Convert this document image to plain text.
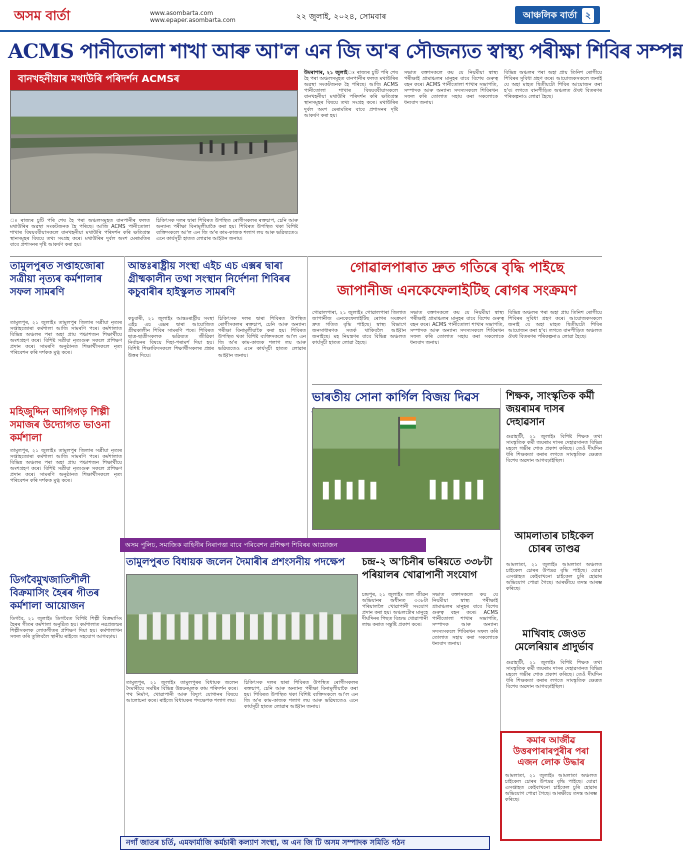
অসম বাৰ্তা	www.asombarta.com
www.epaper.asombarta.com	২২ জুলাই, ২০২৪, সোমবাৰ	আঞ্চলিক বাৰ্তা ২
ACMS পানীতোলা শাখা আৰু আ'ল এন জি অ'ৰ সৌজন্যত স্বাস্থ্য পৰীক্ষা শিবিৰ সম্পন্ন
বানখহনীয়াৰ মথাউৰি পৰিদৰ্শন ACMSৰ
উমৰাপাৰ, ২১ জুলাইঃ ৰাজ্যৰ চুটি পৰি শেষ হৈ পৰা অঞ্চলসমূহত বানপানীৰ ফলত মথাউৰিৰ অৱস্থা সংকটজনক হৈ পৰিছে। আজি ACMS পানীতোলা শাখাৰ বিষয়ববীয়াসকলে বানখহনীয়া মথাউৰি পৰিদৰ্শন কৰি ক্ষতিগ্ৰস্ত স্থানসমূহৰ বিষয়ে তথ্য সংগ্ৰহ কৰে। মথাউৰিৰ দুৰ্বল অংশ মেৰামতিৰ বাবে প্ৰশাসনৰ দৃষ্টি আকৰ্ষণ কৰা হয়।
সভাত বক্তাসকলে কয় যে নিয়মীয়া স্বাস্থ্য পৰীক্ষাই গ্ৰামাঞ্চলৰ মানুহৰ বাবে বিশেষ গুৰুত্ব বহন কৰে। ACMS পানীতোলা শাখাৰ সভাপতি, সম্পাদক আৰু অন্যান্য সদস্যসকলে শিবিৰখন সফল কৰি তোলাত সহায় কৰা সকলোকে ধন্যবাদ জনায়।
বিভিন্ন অঞ্চলৰ পৰা অহা প্ৰায় তিনিশ ৰোগীয়ে শিবিৰৰ সুবিধা গ্ৰহণ কৰে। আয়োজকসকলে জনাই যে অহা মাহত দ্বিতীয়টো শিবিৰ আয়োজন কৰা হ'ব। লগতে বানপীড়িত অঞ্চলত ঔষধ বিতৰণৰ পৰিকল্পনাও লোৱা হৈছে।
ঃ ৰাজ্যৰ চুটি পৰি শেষ হৈ পৰা অঞ্চলসমূহত বানপানীৰ ফলত মথাউৰিৰ অৱস্থা সংকটজনক হৈ পৰিছে। আজি ACMS পানীতোলা শাখাৰ বিষয়ববীয়াসকলে বানখহনীয়া মথাউৰি পৰিদৰ্শন কৰি ক্ষতিগ্ৰস্ত স্থানসমূহৰ বিষয়ে তথ্য সংগ্ৰহ কৰে। মথাউৰিৰ দুৰ্বল অংশ মেৰামতিৰ বাবে প্ৰশাসনৰ দৃষ্টি আকৰ্ষণ কৰা হয়।
চিকিৎসক দলৰ দ্বাৰা শিবিৰত উপস্থিত ৰোগীসকলৰ ৰক্তচাপ, চেনি আৰু অন্যান্য পৰীক্ষা বিনামূলীয়াকৈ কৰা হয়। শিবিৰত উপস্থিত থকা বিশিষ্ট ব্যক্তিসকলে আ'ল এন জি অ'ৰ কাম-কাজক শলাগ লয় আৰু ভৱিষ্যতেও এনে কাৰ্যসূচী হাতত লোৱাৰ আহ্বান জনায়।
তামুলপুৰত সপ্তাহজোৰা সত্ৰীয়া নৃত্যৰ কৰ্মশালাৰ সফল সামৰণি
তামুলপুৰ, ২১ জুলাইঃ তামুলপুৰ জিলাৰ সত্ৰীয়া নৃত্যৰ সপ্তাহজোৰা কৰ্মশালা আজি সামৰণি পৰে। কৰ্মশালাত বিভিন্ন অঞ্চলৰ পৰা অহা প্ৰায় পঞ্চাশজন শিক্ষাৰ্থীয়ে অংশগ্ৰহণ কৰে। বিশিষ্ট সত্ৰীয়া নৃত্যগুৰু সকলে প্ৰশিক্ষণ প্ৰদান কৰে। সামৰণি অনুষ্ঠানত শিক্ষাৰ্থীসকলে নৃত্য পৰিবেশন কৰি দৰ্শকক মুগ্ধ কৰে।
আন্তঃৰাষ্ট্ৰীয় সংস্থা এইচ এচ এক্সৰ দ্বাৰা গ্ৰীষ্মকালীন তথা সংস্থান নিৰ্দেশনা শিবিৰৰ কচুবাৰীৰ হাইস্কুলত সামৰণি
কচুবাৰী, ২১ জুলাইঃ আন্তঃৰাষ্ট্ৰীয় সংস্থা এইচ এচ এক্সৰ দ্বাৰা আয়োজিত গ্ৰীষ্মকালীন শিবিৰ সামৰণি পৰে। শিবিৰত ছাত্ৰ-ছাত্ৰীসকলক ভৱিষ্যত জীৱিকা নিৰ্বাচনৰ বিষয়ে দিহা-পৰামৰ্শ দিয়া হয়। বিশিষ্ট শিক্ষাবিদসকলে শিক্ষাৰ্থীসকলৰ প্ৰশ্নৰ উত্তৰ দিয়ে।
চিকিৎসক দলৰ দ্বাৰা শিবিৰত উপস্থিত ৰোগীসকলৰ ৰক্তচাপ, চেনি আৰু অন্যান্য পৰীক্ষা বিনামূলীয়াকৈ কৰা হয়। শিবিৰত উপস্থিত থকা বিশিষ্ট ব্যক্তিসকলে আ'ল এন জি অ'ৰ কাম-কাজক শলাগ লয় আৰু ভৱিষ্যতেও এনে কাৰ্যসূচী হাতত লোৱাৰ আহ্বান জনায়।
গোৱালপাৰাত দ্ৰুত গতিৰে বৃদ্ধি পাইছে
জাপানীজ এনকেফেলাইটিছ ৰোগৰ সংক্ৰমণ
গোৱালপাৰা, ২১ জুলাইঃ গোৱালপাৰা জিলাত জাপানীজ এনকেফেলাইটিছ ৰোগৰ সংক্ৰমণ দ্ৰুত গতিত বৃদ্ধি পাইছে। স্বাস্থ্য বিভাগে জনসাধাৰণক সতৰ্ক থাকিবলৈ আহ্বান জনাইছে। মহ নিয়ন্ত্ৰণৰ বাবে বিভিন্ন অঞ্চলত কাৰ্যসূচী হাতত লোৱা হৈছে।
সভাত বক্তাসকলে কয় যে নিয়মীয়া স্বাস্থ্য পৰীক্ষাই গ্ৰামাঞ্চলৰ মানুহৰ বাবে বিশেষ গুৰুত্ব বহন কৰে। ACMS পানীতোলা শাখাৰ সভাপতি, সম্পাদক আৰু অন্যান্য সদস্যসকলে শিবিৰখন সফল কৰি তোলাত সহায় কৰা সকলোকে ধন্যবাদ জনায়।
বিভিন্ন অঞ্চলৰ পৰা অহা প্ৰায় তিনিশ ৰোগীয়ে শিবিৰৰ সুবিধা গ্ৰহণ কৰে। আয়োজকসকলে জনাই যে অহা মাহত দ্বিতীয়টো শিবিৰ আয়োজন কৰা হ'ব। লগতে বানপীড়িত অঞ্চলত ঔষধ বিতৰণৰ পৰিকল্পনাও লোৱা হৈছে।
ভাৰতীয় সোনা কাৰ্গিল বিজয় দিৱস	শিক্ষক, সাংস্কৃতিক কৰ্মী জয়ৰামৰ দাসৰ দেহাৱসান
গুৱাহাটী, ২১ জুলাইঃ বিশিষ্ট শিক্ষক তথা সাংস্কৃতিক কৰ্মী জয়ৰাম দাসৰ দেহাৱসানত বিভিন্ন মহলে গভীৰ শোক প্ৰকাশ কৰিছে। তেওঁ দীৰ্ঘদিন ধৰি শিক্ষকতা কৰাৰ লগতে সাংস্কৃতিক ক্ষেত্ৰত বিশেষ অৱদান আগবঢ়াইছিল।
মহিজুদ্দিন আগিগড় শিল্পী সমাজৰ উদ্যোগত ভাওনা কৰ্মশালা
তামুলপুৰ, ২১ জুলাইঃ তামুলপুৰ জিলাৰ সত্ৰীয়া নৃত্যৰ সপ্তাহজোৰা কৰ্মশালা আজি সামৰণি পৰে। কৰ্মশালাত বিভিন্ন অঞ্চলৰ পৰা অহা প্ৰায় পঞ্চাশজন শিক্ষাৰ্থীয়ে অংশগ্ৰহণ কৰে। বিশিষ্ট সত্ৰীয়া নৃত্যগুৰু সকলে প্ৰশিক্ষণ প্ৰদান কৰে। সামৰণি অনুষ্ঠানত শিক্ষাৰ্থীসকলে নৃত্য পৰিবেশন কৰি দৰ্শকক মুগ্ধ কৰে।
ডিগবৈমুখজাতিশীলী বিক্ৰমাসিং হৈৰৰ গীতৰ কৰ্মশালা আয়োজন
ডিগবৈ, ২১ জুলাইঃ ডিগবৈত বিশিষ্ট শিল্পী বিক্ৰমাসিং হৈৰৰ গীতৰ কৰ্মশালা অনুষ্ঠিত হয়। কৰ্মশালাত নৱপ্ৰজন্মৰ শিল্পীসকলক লোকগীতৰ প্ৰশিক্ষণ দিয়া হয়। কৰ্মশালাখন সফল কৰি তুলিবলৈ স্থানীয় ৰাইজে সহযোগ আগবঢ়ায়।
অসম পুলিচ, সমাজিক বাহিনীৰ নিৰাপত্তা বাবে পৰিবেশন প্ৰশিক্ষণ শিবিৰৰ আয়োজন
তামুলপুৰত বিধায়ক জলেন দৈমাৰীৰ প্ৰশংসনীয় পদক্ষেপ
তামুলপুৰ, ২১ জুলাইঃ তামুলপুৰৰ বিধায়ক জলেন দৈমাৰীয়ে সমষ্টিৰ বিভিন্ন উন্নয়নমূলক কাম পৰিদৰ্শন কৰে। পথ নিৰ্মাণ, খোৱাপানী আৰু বিদ্যুৎ যোগানৰ বিষয়ে আলোচনা কৰে। ৰাইজে বিধায়কৰ পদক্ষেপক শলাগ লয়।
চিকিৎসক দলৰ দ্বাৰা শিবিৰত উপস্থিত ৰোগীসকলৰ ৰক্তচাপ, চেনি আৰু অন্যান্য পৰীক্ষা বিনামূলীয়াকৈ কৰা হয়। শিবিৰত উপস্থিত থকা বিশিষ্ট ব্যক্তিসকলে আ'ল এন জি অ'ৰ কাম-কাজক শলাগ লয় আৰু ভৱিষ্যতেও এনে কাৰ্যসূচী হাতত লোৱাৰ আহ্বান জনায়।
চন্দ্ৰ-২ অ'চিনীৰ ভৰিয়তে ৩৩৮টা পৰিয়ালৰ খোৱাপানী সংযোগ
চন্দ্ৰপুৰ, ২১ জুলাইঃ জল জীৱন অভিযানৰ অধীনত ৩৩৮টা পৰিয়াললৈ খোৱাপানী সংযোগ প্ৰদান কৰা হয়। অঞ্চলটোৰ মানুহে দীৰ্ঘদিনৰ পিছত বিশুদ্ধ খোৱাপানী লাভ কৰাত সন্তুষ্টি প্ৰকাশ কৰে।
সভাত বক্তাসকলে কয় যে নিয়মীয়া স্বাস্থ্য পৰীক্ষাই গ্ৰামাঞ্চলৰ মানুহৰ বাবে বিশেষ গুৰুত্ব বহন কৰে। ACMS পানীতোলা শাখাৰ সভাপতি, সম্পাদক আৰু অন্যান্য সদস্যসকলে শিবিৰখন সফল কৰি তোলাত সহায় কৰা সকলোকে ধন্যবাদ জনায়।
আমলাতাৰ চাইকেল চোৰৰ তাণ্ডৱ
আমলাতা, ২১ জুলাইঃ আমলাতা অঞ্চলত চাইকেল চোৰৰ উপদ্ৰৱ বৃদ্ধি পাইছে। যোৱা এসপ্তাহত কেইবাখনো চাইকেল চুৰি হোৱাৰ অভিযোগ পোৱা গৈছে। আৰক্ষীয়ে তদন্ত আৰম্ভ কৰিছে।
মাখিবাহ জেওত মেলেৰিয়াৰ প্ৰাদুৰ্ভাব
গুৱাহাটী, ২১ জুলাইঃ বিশিষ্ট শিক্ষক তথা সাংস্কৃতিক কৰ্মী জয়ৰাম দাসৰ দেহাৱসানত বিভিন্ন মহলে গভীৰ শোক প্ৰকাশ কৰিছে। তেওঁ দীৰ্ঘদিন ধৰি শিক্ষকতা কৰাৰ লগতে সাংস্কৃতিক ক্ষেত্ৰত বিশেষ অৱদান আগবঢ়াইছিল।
কমাৰ আৰ্জীৱ উত্তৰপাৰাৰপুৰীৰ পৰা এজন লোক উদ্ধাৰ
আমলাতা, ২১ জুলাইঃ আমলাতা অঞ্চলত চাইকেল চোৰৰ উপদ্ৰৱ বৃদ্ধি পাইছে। যোৱা এসপ্তাহত কেইবাখনো চাইকেল চুৰি হোৱাৰ অভিযোগ পোৱা গৈছে। আৰক্ষীয়ে তদন্ত আৰম্ভ কৰিছে।
নগাঁ জাতৰ চৰ্তি, এমফাৰ্মাজি কৰ্মচাৰী কল্যাণ সংস্থা, অ এন জি টি অসম সম্পাদক সমিতি গঠন
